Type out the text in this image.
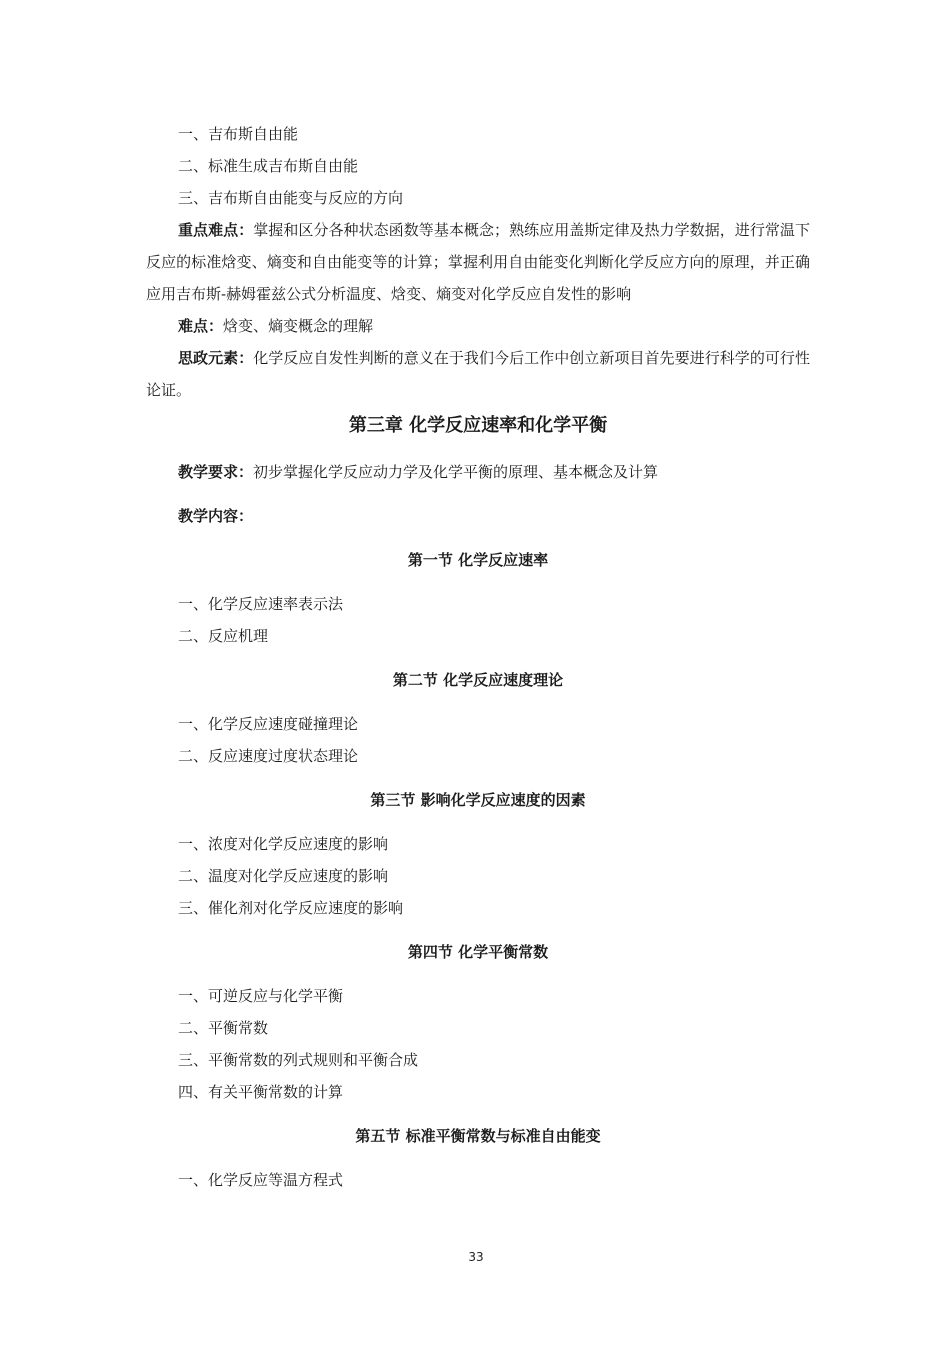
一、吉布斯自由能
二、标准生成吉布斯自由能
三、吉布斯自由能变与反应的方向

重点难点：掌握和区分各种状态函数等基本概念；熟练应用盖斯定律及热力学数据，进行常温下反应的标准焓变、熵变和自由能变等的计算；掌握利用自由能变化判断化学反应方向的原理，并正确应用吉布斯-赫姆霍兹公式分析温度、焓变、熵变对化学反应自发性的影响

难点：焓变、熵变概念的理解

思政元素：化学反应自发性判断的意义在于我们今后工作中创立新项目首先要进行科学的可行性论证。

第三章 化学反应速率和化学平衡
教学要求：初步掌握化学反应动力学及化学平衡的原理、基本概念及计算
教学内容：
第一节 化学反应速率
一、化学反应速率表示法
二、反应机理
第二节 化学反应速度理论
一、化学反应速度碰撞理论
二、反应速度过度状态理论
第三节 影响化学反应速度的因素
一、浓度对化学反应速度的影响
二、温度对化学反应速度的影响
三、催化剂对化学反应速度的影响
第四节 化学平衡常数
一、可逆反应与化学平衡
二、平衡常数
三、平衡常数的列式规则和平衡合成
四、有关平衡常数的计算
第五节 标准平衡常数与标准自由能变
一、化学反应等温方程式
33
